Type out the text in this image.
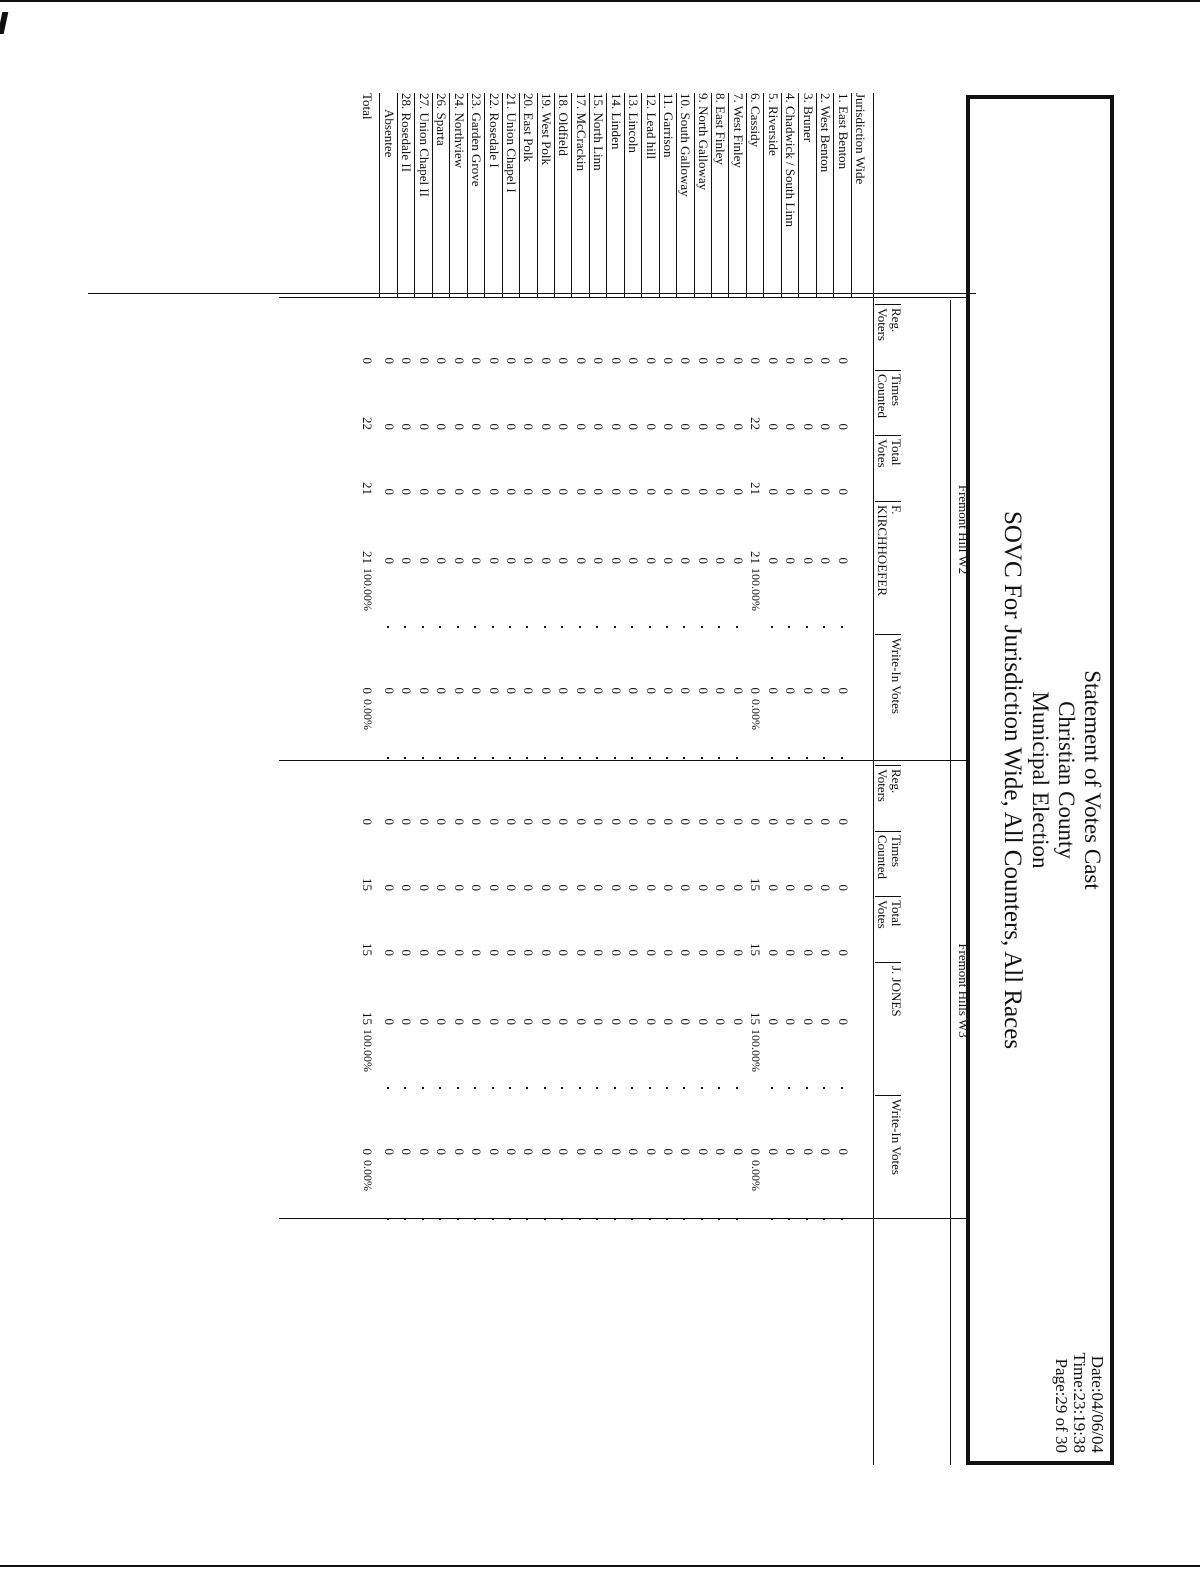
Statement of Votes Cast
Christian County
Municipal Election
SOVC For Jurisdiction Wide, All Counters, All Races
Date:04/06/04
Time:23:19:38
Page:29 of 30
Fremont Hill W2
Reg.
Voters
Times
Counted
Total
Votes
F.
KIRCHHOEFER
Write-In Votes
Fremont Hills W3
Reg.
Voters
Times
Counted
Total
Votes
J. JONES
Write-In Votes
Jurisdiction Wide
1. East Benton
2. West Benton
3. Bruner
4. Chadwick / South Linn
5. Riverside
6. Cassidy
7. West Finley
8. East Finley
9. North Galloway
10. South Galloway
11. Garrison
12. Lead hill
13. Lincoln
14. Linden
15. North Linn
17. McCrackin
18. Oldfield
19. West Polk
20. East Polk
21. Union Chapel I
22. Rosedale I
23. Garden Grove
24. Northview
26. Sparta
27. Union Chapel II
28. Rosedale II
Absentee
Total
0
0
0
0
0
0
0
0
0
0
0
0
0
0
0
0
0
0
0
0
0
0
0
0
0
0
22
21
21
0
100.00%
0.00%
0
0
0
0
0
0
0
0
0
0
0
0
0
0
0
0
0
0
0
0
0
0
0
0
0
0
0
0
0
0
0
0
0
0
0
0
0
0
0
0
0
0
0
0
0
0
0
0
0
0
0
0
0
0
0
0
0
0
0
0
0
0
0
0
0
0
0
0
0
0
0
0
0
0
0
0
0
0
0
0
0
0
0
0
0
0
0
0
0
0
0
0
0
0
0
0
0
0
0
0
0
0
0
0
0
0
22
21
21
0
100.00%
0.00%
0
0
0
0
0
0
0
0
0
0
0
0
0
0
0
0
0
0
0
0
0
0
0
0
0
0
15
15
15
0
100.00%
0.00%
0
0
0
0
0
0
0
0
0
0
0
0
0
0
0
0
0
0
0
0
0
0
0
0
0
0
0
0
0
0
0
0
0
0
0
0
0
0
0
0
0
0
0
0
0
0
0
0
0
0
0
0
0
0
0
0
0
0
0
0
0
0
0
0
0
0
0
0
0
0
0
0
0
0
0
0
0
0
0
0
0
0
0
0
0
0
0
0
0
0
0
0
0
0
0
0
0
0
0
0
0
0
0
0
0
0
15
15
15
0
100.00%
0.00%
